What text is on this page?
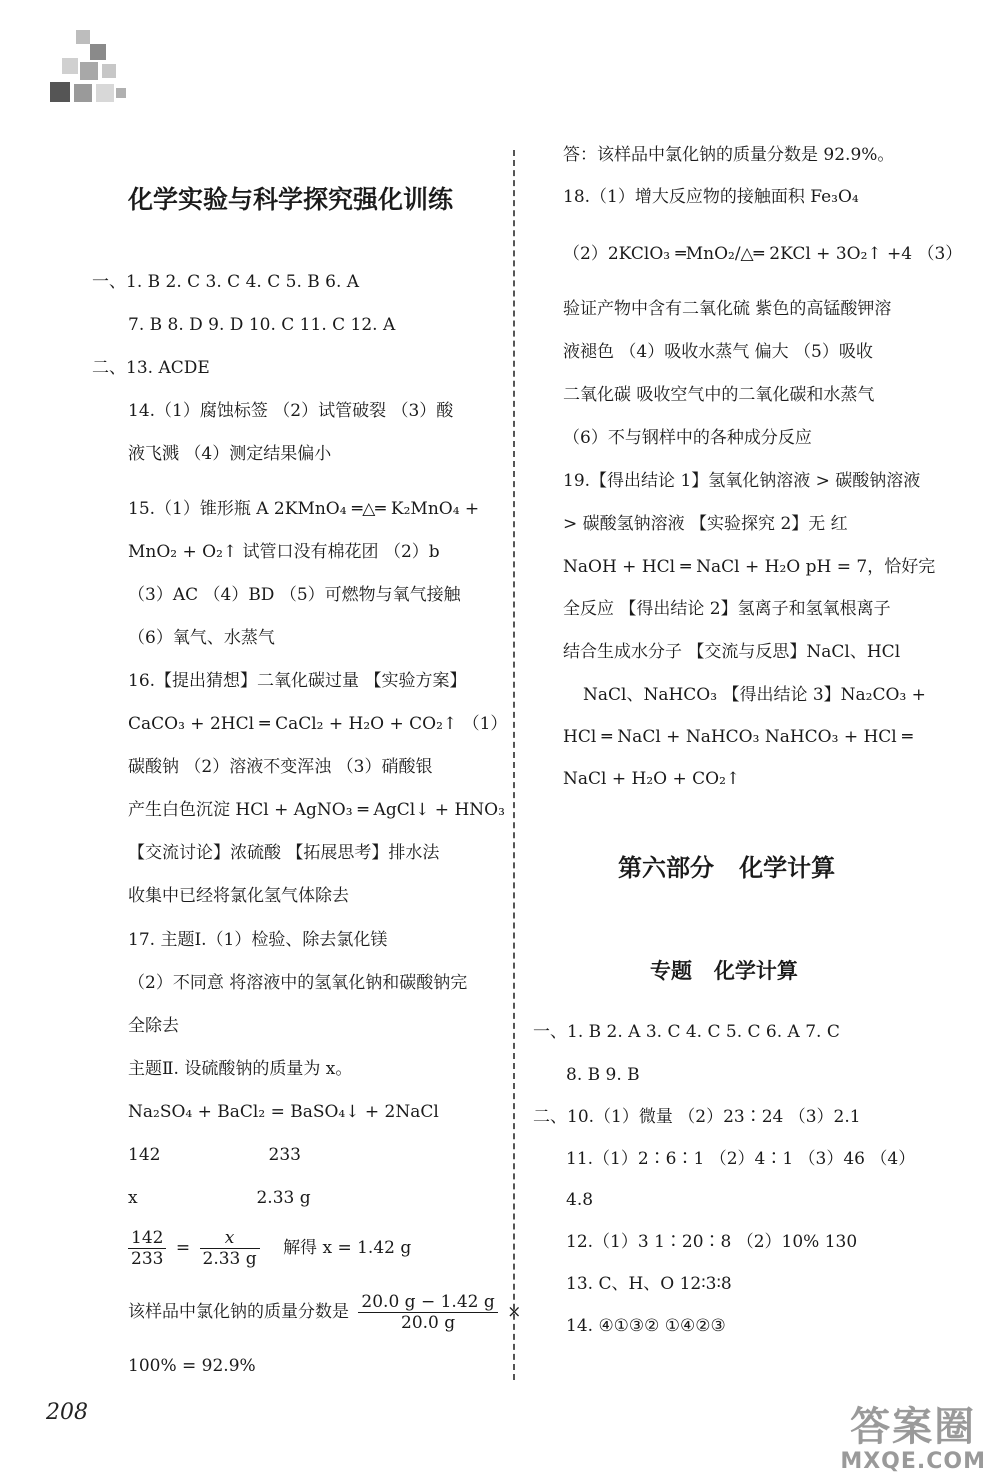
化学实验与科学探究强化训练
一、1. B 2. C 3. C 4. C 5. B 6. A
7. B 8. D 9. D 10. C 11. C 12. A
二、13. ACDE
14.（1）腐蚀标签 （2）试管破裂 （3）酸
液飞溅 （4）测定结果偏小
15.（1）锥形瓶 A 2KMnO₄ ═△═ K₂MnO₄ +
MnO₂ + O₂↑ 试管口没有棉花团 （2）b
（3）AC （4）BD （5）可燃物与氧气接触
（6）氧气、水蒸气
16.【提出猜想】二氧化碳过量 【实验方案】
CaCO₃ + 2HCl ═ CaCl₂ + H₂O + CO₂↑ （1）
碳酸钠 （2）溶液不变浑浊 （3）硝酸银
产生白色沉淀 HCl + AgNO₃ ═ AgCl↓ + HNO₃
【交流讨论】浓硫酸 【拓展思考】排水法
收集中已经将氯化氢气体除去
17. 主题Ⅰ.（1）检验、除去氯化镁
（2）不同意 将溶液中的氢氧化钠和碳酸钠完
全除去
主题Ⅱ. 设硫酸钠的质量为 x。
Na₂SO₄ + BaCl₂ = BaSO₄↓ + 2NaCl
142                    233
x                      2.33 g
$\frac{142}{233} = \frac{x}{2.33 g}$ 解得 x = 1.42 g
该样品中氯化钠的质量分数是 $\frac{20.0 g - 1.42 g}{20.0 g}$ ×
100% = 92.9%
答：该样品中氯化钠的质量分数是 92.9%。
18.（1）增大反应物的接触面积 Fe₃O₄
（2）2KClO₃ ═MnO₂/△═ 2KCl + 3O₂↑ +4 （3）
验证产物中含有二氧化硫 紫色的高锰酸钾溶
液褪色 （4）吸收水蒸气 偏大 （5）吸收
二氧化碳 吸收空气中的二氧化碳和水蒸气
（6）不与钢样中的各种成分反应
19.【得出结论 1】氢氧化钠溶液 > 碳酸钠溶液
> 碳酸氢钠溶液 【实验探究 2】无 红
NaOH + HCl ═ NaCl + H₂O pH = 7，恰好完
全反应 【得出结论 2】氢离子和氢氧根离子
结合生成水分子 【交流与反思】NaCl、HCl
NaCl、NaHCO₃ 【得出结论 3】Na₂CO₃ +
HCl ═ NaCl + NaHCO₃ NaHCO₃ + HCl ═
NaCl + H₂O + CO₂↑
第六部分   化学计算
专题   化学计算
一、1. B 2. A 3. C 4. C 5. C 6. A 7. C
8. B 9. B
二、10.（1）微量 （2）23∶24 （3）2.1
11.（1）2∶6∶1 （2）4∶1 （3）46 （4）
4.8
12.（1）3 1∶20∶8 （2）10% 130
13. C、H、O 12∶3∶8
14. ④①③② ①④②③
208	答案圈
MXQE.COM
